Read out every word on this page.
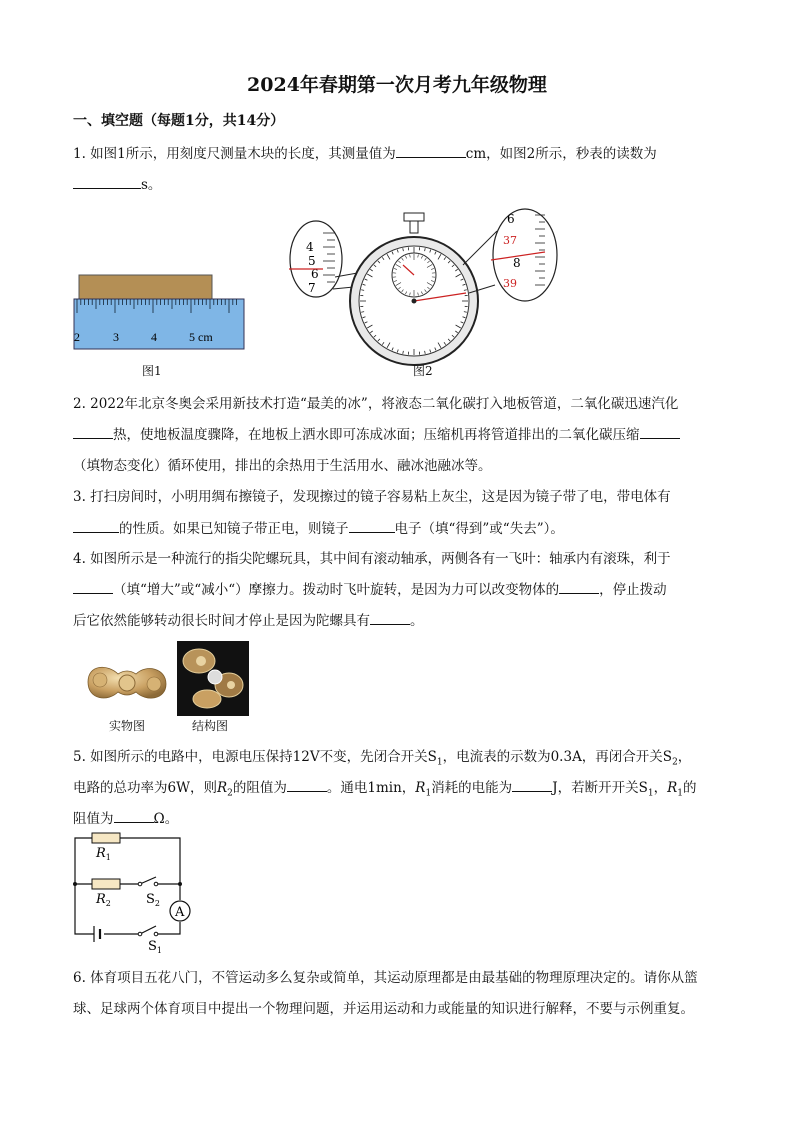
2024年春期第一次月考九年级物理
一、填空题（每题1分，共14分）
1. 如图1所示，用刻度尺测量木块的长度，其测量值为	cm，如图2所示，秒表的读数为
s。
2	3	4	5 cm
图1
4
5
6
7
6
37
8
39
图2
2. 2022年北京冬奥会采用新技术打造“最美的冰”，将液态二氧化碳打入地板管道，二氧化碳迅速汽化
热，使地板温度骤降，在地板上洒水即可冻成冰面；压缩机再将管道排出的二氧化碳压缩
（填物态变化）循环使用，排出的余热用于生活用水、融冰池融冰等。
3. 打扫房间时，小明用绸布擦镜子，发现擦过的镜子容易粘上灰尘，这是因为镜子带了电，带电体有
的性质。如果已知镜子带正电，则镜子	电子（填“得到”或“失去”）。
4. 如图所示是一种流行的指尖陀螺玩具，其中间有滚动轴承，两侧各有一飞叶：轴承内有滚珠，利于
（填“增大”或“减小“）摩擦力。拨动时飞叶旋转，是因为力可以改变物体的	，停止拨动
后它依然能够转动很长时间才停止是因为陀螺具有	。
实物图	结构图
5. 如图所示的电路中，电源电压保持12V不变，先闭合开关$S_1$，电流表的示数为0.3A，再闭合开关$S_2$，
电路的总功率为6W，则$R_2$的阻值为	。通电1min，$R_1$消耗的电能为	J，若断开开关$S_1$，$R_1$的
阻值为	Ω。
A
$R_1$
$R_2$	$S_2$
$S_1$
6. 体育项目五花八门，不管运动多么复杂或简单，其运动原理都是由最基础的物理原理决定的。请你从篮
球、足球两个体育项目中提出一个物理问题，并运用运动和力或能量的知识进行解释，不要与示例重复。
